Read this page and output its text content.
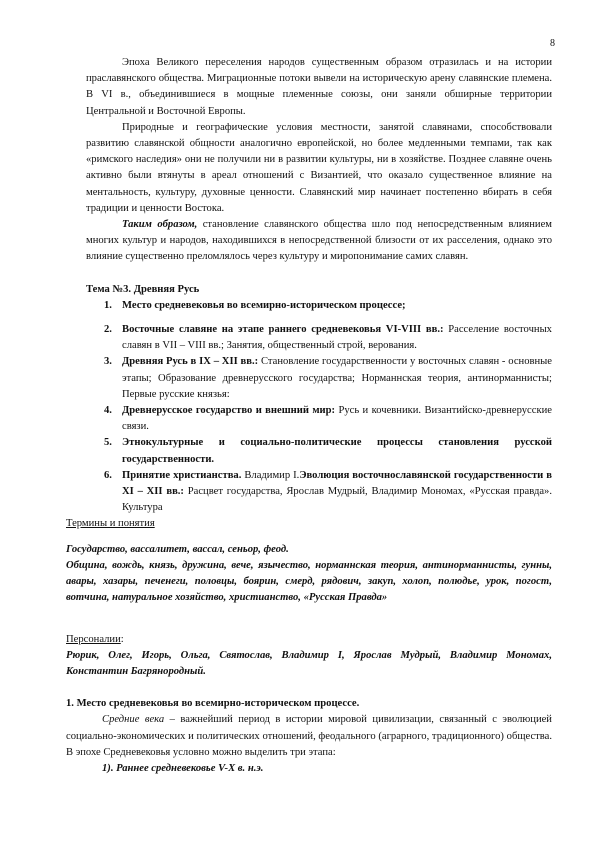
8

Эпоха Великого переселения народов существенным образом отразилась и на истории праславянского общества. Миграционные потоки вывели на историческую арену славянские племена. В VI в., объединившиеся в мощные племенные союзы, они заняли обширные территории Центральной и Восточной Европы.

Природные и географические условия местности, занятой славянами, способствовали развитию славянской общности аналогично европейской, но более медленными темпами, так как «римского наследия» они не получили ни в развитии культуры, ни в хозяйстве. Позднее славяне очень активно были втянуты в ареал отношений с Византией, что оказало существенное влияние на ментальность, культуру, духовные ценности. Славянский мир начинает постепенно вбирать в себя традиции и ценности Востока.

Таким образом, становление славянского общества шло под непосредственным влиянием многих культур и народов, находившихся в непосредственной близости от их расселения, однако это влияние существенно преломлялось через культуру и миропонимание самих славян.

Тема №3. Древняя Русь

1. Место средневековья во всемирно-историческом процессе;
2. Восточные славяне на этапе раннего средневековья VI-VIII вв.: Расселение восточных славян в VII – VIII вв.; Занятия, общественный строй, верования.
3. Древняя Русь в IX – XII вв.: Становление государственности у восточных славян - основные этапы; Образование древнерусского государства; Норманнская теория, антинорманнисты; Первые русские князья:
4. Древнерусское государство и внешний мир: Русь и кочевники. Византийско-древнерусские связи.
5. Этнокультурные и социально-политические процессы становления русской государственности.
6. Принятие христианства. Владимир I.Эволюция восточнославянской государственности в XI – XII вв.: Расцвет государства, Ярослав Мудрый, Владимир Мономах, «Русская правда». Культура

Термины и понятия

Государство, вассалитет, вассал, сеньор, феод.

Община, вождь, князь, дружина, вече, язычество, норманнская теория, антинорманнисты, гунны, авары, хазары, печенеги, половцы, боярин, смерд, рядович, закуп, холоп, полюдье, урок, погост, вотчина, натуральное хозяйство, христианство, «Русская Правда»

Персоналии:

Рюрик, Олег, Игорь, Ольга, Святослав, Владимир I, Ярослав Мудрый, Владимир Мономах, Константин Багрянородный.

1. Место средневековья во всемирно-историческом процессе.

Средние века – важнейший период в истории мировой цивилизации, связанный с эволюцией социально-экономических и политических отношений, феодального (аграрного, традиционного) общества. В эпохе Средневековья условно можно выделить три этапа:

1). Раннее средневековье V-X в. н.э.
